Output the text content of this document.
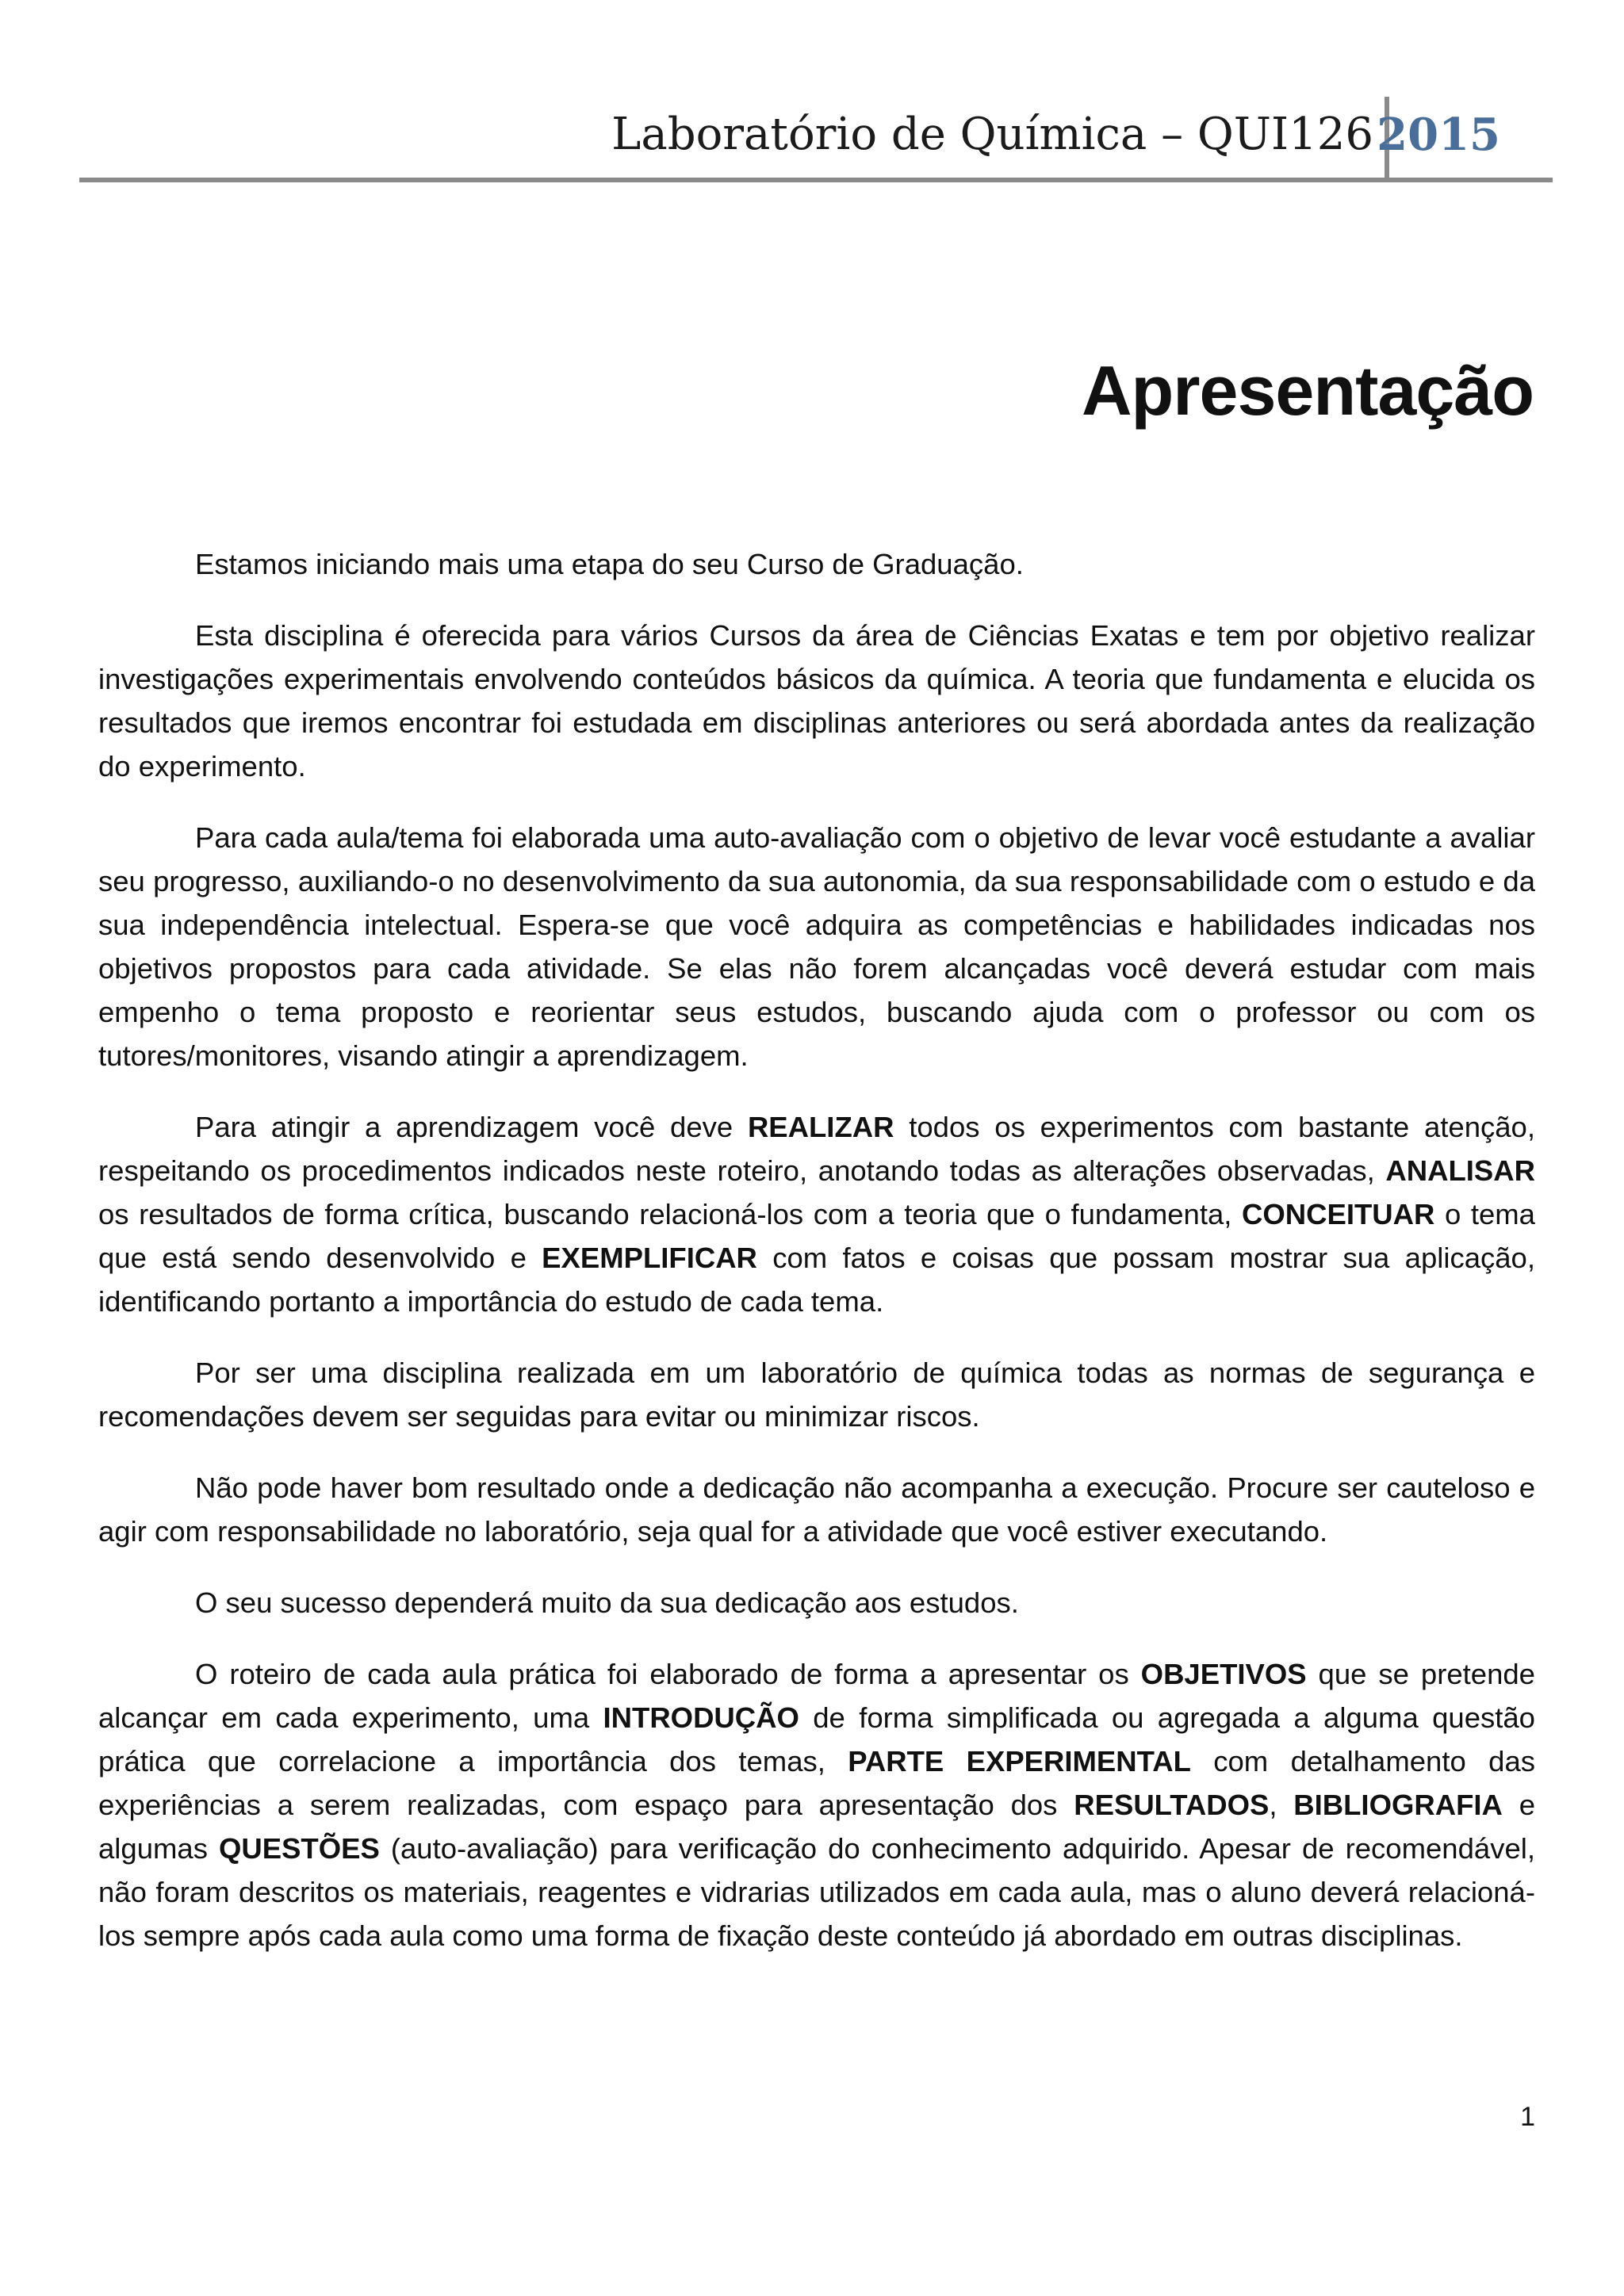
Laboratório de Química – QUI126 2015
Apresentação

Estamos iniciando mais uma etapa do seu Curso de Graduação.

Esta disciplina é oferecida para vários Cursos da área de Ciências Exatas e tem por objetivo realizar investigações experimentais envolvendo conteúdos básicos da química. A teoria que fundamenta e elucida os resultados que iremos encontrar foi estudada em disciplinas anteriores ou será abordada antes da realização do experimento.

Para cada aula/tema foi elaborada uma auto-avaliação com o objetivo de levar você estudante a avaliar seu progresso, auxiliando-o no desenvolvimento da sua autonomia, da sua responsabilidade com o estudo e da sua independência intelectual. Espera-se que você adquira as competências e habilidades indicadas nos objetivos propostos para cada atividade. Se elas não forem alcançadas você deverá estudar com mais empenho o tema proposto e reorientar seus estudos, buscando ajuda com o professor ou com os tutores/monitores, visando atingir a aprendizagem.

Para atingir a aprendizagem você deve REALIZAR todos os experimentos com bastante atenção, respeitando os procedimentos indicados neste roteiro, anotando todas as alterações observadas, ANALISAR os resultados de forma crítica, buscando relacioná-los com a teoria que o fundamenta, CONCEITUAR o tema que está sendo desenvolvido e EXEMPLIFICAR com fatos e coisas que possam mostrar sua aplicação, identificando portanto a importância do estudo de cada tema.

Por ser uma disciplina realizada em um laboratório de química todas as normas de segurança e recomendações devem ser seguidas para evitar ou minimizar riscos.

Não pode haver bom resultado onde a dedicação não acompanha a execução. Procure ser cauteloso e agir com responsabilidade no laboratório, seja qual for a atividade que você estiver executando.

O seu sucesso dependerá muito da sua dedicação aos estudos.

O roteiro de cada aula prática foi elaborado de forma a apresentar os OBJETIVOS que se pretende alcançar em cada experimento, uma INTRODUÇÃO de forma simplificada ou agregada a alguma questão prática que correlacione a importância dos temas, PARTE EXPERIMENTAL com detalhamento das experiências a serem realizadas, com espaço para apresentação dos RESULTADOS, BIBLIOGRAFIA e algumas QUESTÕES (auto-avaliação) para verificação do conhecimento adquirido. Apesar de recomendável, não foram descritos os materiais, reagentes e vidrarias utilizados em cada aula, mas o aluno deverá relacioná-los sempre após cada aula como uma forma de fixação deste conteúdo já abordado em outras disciplinas.

1
